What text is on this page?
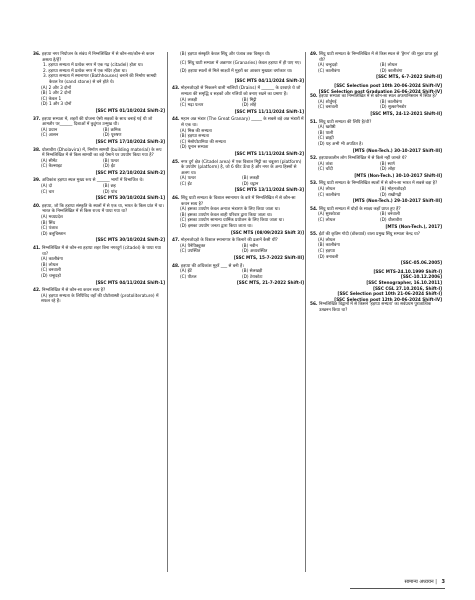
36. हड़प्पा नगर नियोजन के संबंध में निम्नलिखित में से कौन-सा/कौन-से कथन असत्य है/हैं?
1. हड़प्पा सभ्यता में प्रत्येक नगर में एक गढ़ (citadel) होता था।
2. हड़प्पा सभ्यता में प्रत्येक नगर में एक मंदिर होता था।
3. हड़प्पा सभ्यता में स्नानागार (Bathhouses) बनाने की निर्माण सामग्री केवल रेत (sand stone) से बने होते थे।
(A) 2 और 3 दोनों
(B) 1 और 2 दोनों
(C) केवल 1
(D) 1 और 3 दोनों
[SSC MTS 01/10/2024 Shift-2]
37. हड़प्पा सभ्यता में, शहरों की योजना ऐसी सड़कों के साथ बनाई गई थी जो आमतौर पर______ दिशाओं में कुटुंगत उन्मुख थी।
(A) प्रधान	(B) क्रमिक
(C) आसन	(D) पूरुषण
[SSC MTS 17/10/2024 Shift-3]
38. धोलावीरा (Dholavira) में, निर्माण सामग्री (building material) के रूप में निम्नलिखित में से किस सामग्री का बड़े पैमाने पर उपयोग किया गया है?
(A) सीमेंट	(B) पत्थर
(C) कैल्साइट	(D) ईंट
[SSC MTS 22/10/2024 Shift-2]
39. अधिकांश हड़प्पा स्थल मुख्य रूप से ______ भागों में विभाजित थे।
(A) दो	(B) छह
(C) चार	(D) पांच
[SSC MTS 30/10/2024 Shift-1]
40. हड़प्पा, जो कि हड़प्पा संस्कृति के स्थलों में से एक था, भारत के किस प्रांत में था। भारत के निम्नलिखित में से किस राज्य में पाया गया था?
(A) मध्यप्रदेश
(B) सिंध
(C) पंजाब
(D) बलूचिस्तान
[SSC MTS 30/10/2024 Shift-2]
41. निम्नलिखित में से कौन-सा हड़प्पा शहर बिना नगरदुर्ग (citadel) के पाया गया था?
(A) कालीबंगा
(B) लोथल
(C) बनवाली
(D) चन्हूदड़ो
[SSC MTS 04/11/2024 Shift-1]
42. निम्नलिखित में से कौन-सा कथन सत्य है?
(A) हड़प्पा सभ्यता के लिपिविद वहाँ की प्रोटोशास्त्री (protoliterature) में सफल रहे हैं।
(B) हड़प्पा संस्कृति केवल सिंधु और पंजाब तक विस्तृत थी।
(C) सिंधु घाटी सभ्यता में अन्नागार (Granaries) केवल हड़प्पा में ही पाए गए।
(D) हड़प्पा स्थलों से मिले साक्ष्यों में मुहरों का आकार मुख्यतः वर्गाकार था।
[SSC MTS 04/11/2024 Shift-3]
43. मोहनजोदड़ो से निकलने वाली नालियों (Drains) में ______ के दरवाज़े थे जो सभ्यता की समृद्धि व सड़कों और गलियों को बनाए रखने का प्रमाण हैं।
(A) लकड़ी	(B) मिट्टी
(C) मढ़ा पत्थर	(D) लोहे
[SSC MTS 11/11/2024 Shift-1]
44. महान अन्न भंडार (The Great Granary) _____ के सबसे बड़े अन्न भंडारों में से एक था।
(A) मिस्र की सभ्यता
(B) हड़प्पा सभ्यता
(C) मेसोपोटामिया की सभ्यता
(D) यूनान सभ्यता
[SSC MTS 11/11/2024 Shift-2]
45. नगर दुर्ग क्षेत्र (Citadel area) में एक विशाल मिट्टी का चबूतरा (platform) के उपयोग (platform) है, जो 6 फीट ऊँचा है और नगर के अन्य हिस्सों से अलग था।
(A) पत्थर	(B) लकड़ी
(C) ईंट	(D) चट्टान
[SSC MTS 13/11/2024 Shift-3]
46. सिंधु घाटी सभ्यता के विशाल स्नानागार के बारे में निम्नलिखित में से कौन-सा कथन सत्य है?
(A) इसका उपयोग केवल अनाज भंडारण के लिए किया जाता था।
(B) इसका उपयोग केवल शाही परिवार द्वारा किया जाता था।
(C) इसका उपयोग सामान्य धार्मिक प्रयोजन के लिए किया जाता था।
(D) इसका उपयोग जनता द्वारा किया जाता था।
[SSC MTS (08/09/2023 Shift 3)]
47. मोहनजोदड़ो के विशाल स्नानागार के किनारे की ढलानें कैसी थीं?
(A) पैनेपिड्युक्त	(B) नवीन
(C) उपस्थित	(D) अव्यवस्थित
[SSC MTS, 15-7-2022 Shift-III]
48. हड़प्पा की अधिकांश मुहरें ___ से बनी हैं।
(A) ईंटें	(B) सेलखड़ी
(C) पीतल	(D) टेराकोटा
[SSC MTS, 21-7-2022 Shift-I]
49. सिंधु घाटी सभ्यता के निम्नलिखित में से किस स्थल से 'ड्रैगन' की मुहर प्राप्त हुई थी?
(A) चन्हूदड़ो	(B) लोथल
(C) कालीबंगा	(D) कालीबंगा
[SSC MTS, 6-7-2022 Shift-II]
[SSC Selection post 10th 20-06-2024 Shift-IV]
[SSC Selection post Graduation 26-06-2024 Shift-IV]
50. हड़प्पा सभ्यता का निम्नलिखित में से कौन-सा स्थल अफगानिस्तान में स्थित है?
(A) शोर्तुगई	(B) कालीबंगा
(C) बनावली	(D) सुत्कागेनडोर
[SSC MTS, 24-12-2021 Shift-II]
51. सिंधु घाटी सभ्यता की लिपि है/थी?
(A) खरोष्ठी
(B) पाली
(C) ब्राह्मी
(D) यह अभी भी अपठित है।
[MTS (Non-Tech.) 30-10-2017 Shift-III]
52. हड़प्पाकालीन लोग निम्नलिखित में से किसे नहीं जानते थे?
(A) तांबा	(B) स्वर्ण
(C) चाँदी	(D) लोहा
[MTS (Non-Tech.) 30-10-2017 Shift-II]
53. सिंधु घाटी सभ्यता के निम्नलिखित स्थलों में से कौन-सा भारत में सबसे बड़ा है?
(A) लोथल	(B) मोहनजोदड़ो
(C) कालीबंगा	(D) राखीगढ़ी
[MTS (Non-Tech.) 29-10-2017 Shift-III]
54. सिंधु घाटी सभ्यता में घोड़ों के साक्ष्य कहाँ प्राप्त हुए हैं?
(A) सुरकोटडा	(B) बनवाली
(C) लोथल	(D) धौलावीरा
[MTS (Non-Tech.), 2017]
55. ईंटों की कृत्रिम गोदी (डॉकयार्ड) वाला प्रमुख सिंधु सभ्यता केन्द्र था?
(A) लोथल
(B) कालीबंगा
(C) हड़प्पा
(D) बनावली
[SSC-05.06.2005]
[SSC MTS-24.10.1999 Shift-I]
[SSC-10.12.2006]
[SSC Stenographer, 16.10.2011]
[SSC CGL 27.10.2016, Shift-I]
[SSC Selection post 10th 21-06-2024 Shift-I]
[SSC Selection post 12th 20-06-2024 Shift-IV]
56. निम्नलिखित विद्वानों में से किसने 'हड़प्पा सभ्यता' का सर्वप्रथम पुरातात्विक उत्खनन किया था?
सामान्य अध्ययन | 3
